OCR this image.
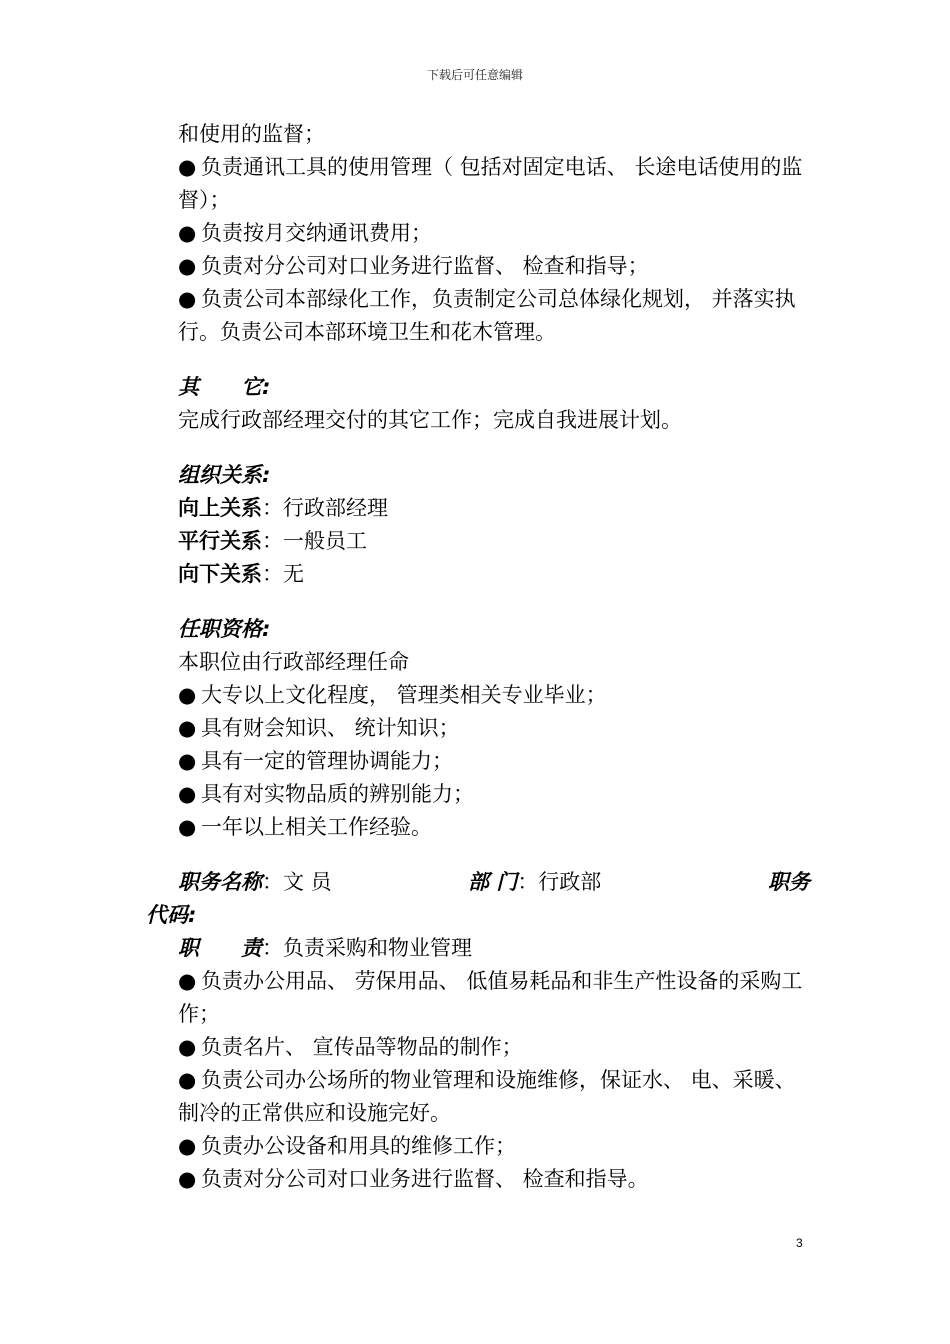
下载后可任意编辑

和使用的监督；

● 负责通讯工具的使用管理（ 包括对固定电话、 长途电话使用的监督）；

● 负责按月交纳通讯费用；

● 负责对分公司对口业务进行监督、 检查和指导；

● 负责公司本部绿化工作，负责制定公司总体绿化规划， 并落实执行。负责公司本部环境卫生和花木管理。

其　　它:

完成行政部经理交付的其它工作；完成自我进展计划。

组织关系:

向上关系：行政部经理

平行关系：一般员工

向下关系：无

任职资格:

本职位由行政部经理任命

● 大专以上文化程度， 管理类相关专业毕业；

● 具有财会知识、 统计知识；

● 具有一定的管理协调能力；

● 具有对实物品质的辨别能力；

● 一年以上相关工作经验。

职务名称：文 员	部 门：行政部	职务

代码:

职　　责：负责采购和物业管理

● 负责办公用品、 劳保用品、 低值易耗品和非生产性设备的采购工作；

● 负责名片、 宣传品等物品的制作；

● 负责公司办公场所的物业管理和设施维修，保证水、 电、采暖、 制冷的正常供应和设施完好。

● 负责办公设备和用具的维修工作；

● 负责对分公司对口业务进行监督、 检查和指导。

3
